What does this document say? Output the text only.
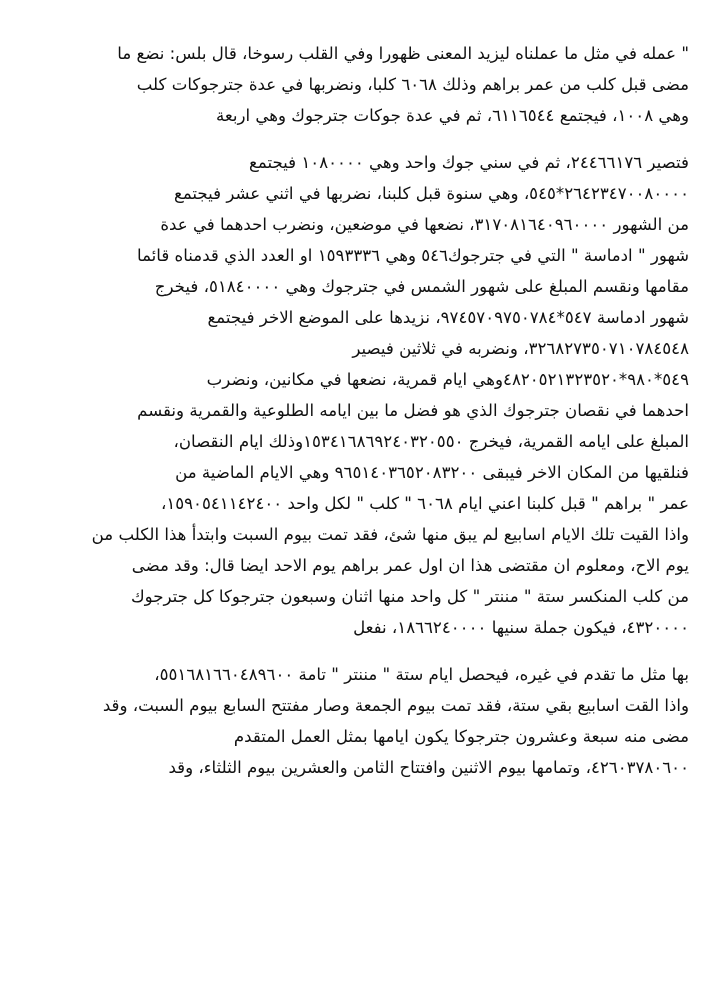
" عمله في مثل ما عملناه ليزيد المعنى ظهورا وفي القلب رسوخا، قال بلس: نضع ما
مضى قبل كلب من عمر براهم وذلك ٦٠٦٨ كلبا، ونضربها في عدة جترجوكات كلب
وهي ١٠٠٨، فيجتمع ٦١١٦٥٤٤، ثم في عدة جوكات جترجوك وهي اربعة
فتصير ٢٤٤٦٦١٧٦، ثم في سني جوك واحد وهي ١٠٨٠٠٠٠ فيجتمع
٢٦٤٢٣٤٧٠٠٨٠٠٠٠*٥٤٥، وهي سنوة قبل كلبنا، نضربها في اثني عشر فيجتمع
من الشهور ٣١٧٠٨١٦٤٠٩٦٠٠٠٠، نضعها في موضعين، ونضرب احدهما في عدة
شهور " ادماسة " التي في جترجوك٥٤٦ وهي ١٥٩٣٣٣٦ او العدد الذي قدمناه قائما
مقامها ونقسم المبلغ على شهور الشمس في جترجوك وهي ٥١٨٤٠٠٠٠، فيخرج
شهور ادماسة ٥٤٧*٩٧٤٥٧٠٩٧٥٠٧٨٤، نزيدها على الموضع الاخر فيجتمع
٣٢٦٨٢٧٣٥٠٧١٠٧٨٤٥٤٨، ونضربه في ثلاثين فيصير
٥٤٩*٩٨٠*٤٨٢٠٥٢١٣٢٣٥٢٠وهي ايام قمرية، نضعها في مكانين، ونضرب
احدهما في نقصان جترجوك الذي هو فضل ما بين ايامه الطلوعية والقمرية ونقسم
المبلغ على ايامه القمرية، فيخرج ١٥٣٤١٦٨٦٩٢٤٠٣٢٠٥٥٠وذلك ايام النقصان،
فنلقيها من المكان الاخر فيبقى ٩٦٥١٤٠٣٦٥٢٠٨٣٢٠٠ وهي الايام الماضية من
عمر " براهم " قبل كلبنا اعني ايام ٦٠٦٨ " كلب " لكل واحد ١٥٩٠٥٤١١٤٢٤٠٠،
واذا القيت تلك الايام اسابيع لم يبق منها شئ، فقد تمت بيوم السبت وابتدأ هذا الكلب من
يوم الاح، ومعلوم ان مقتضى هذا ان اول عمر براهم يوم الاحد ايضا قال: وقد مضى
من كلب المنكسر ستة " مننتر " كل واحد منها اثنان وسبعون جترجوكا كل جترجوك
٤٣٢٠٠٠٠، فيكون جملة سنيها ١٨٦٦٢٤٠٠٠٠، نفعل
بها مثل ما تقدم في غيره، فيحصل ايام ستة " مننتر " تامة ٥٥١٦٨١٦٦٠٤٨٩٦٠٠،
واذا القت اسابيع بقي ستة، فقد تمت بيوم الجمعة وصار مفتتح السابع بيوم السبت، وقد
مضى منه سبعة وعشرون جترجوكا يكون ايامها بمثل العمل المتقدم
٤٢٦٠٣٧٨٠٦٠٠، وتمامها بيوم الاثنين وافتتاح الثامن والعشرين بيوم الثلثاء، وقد
